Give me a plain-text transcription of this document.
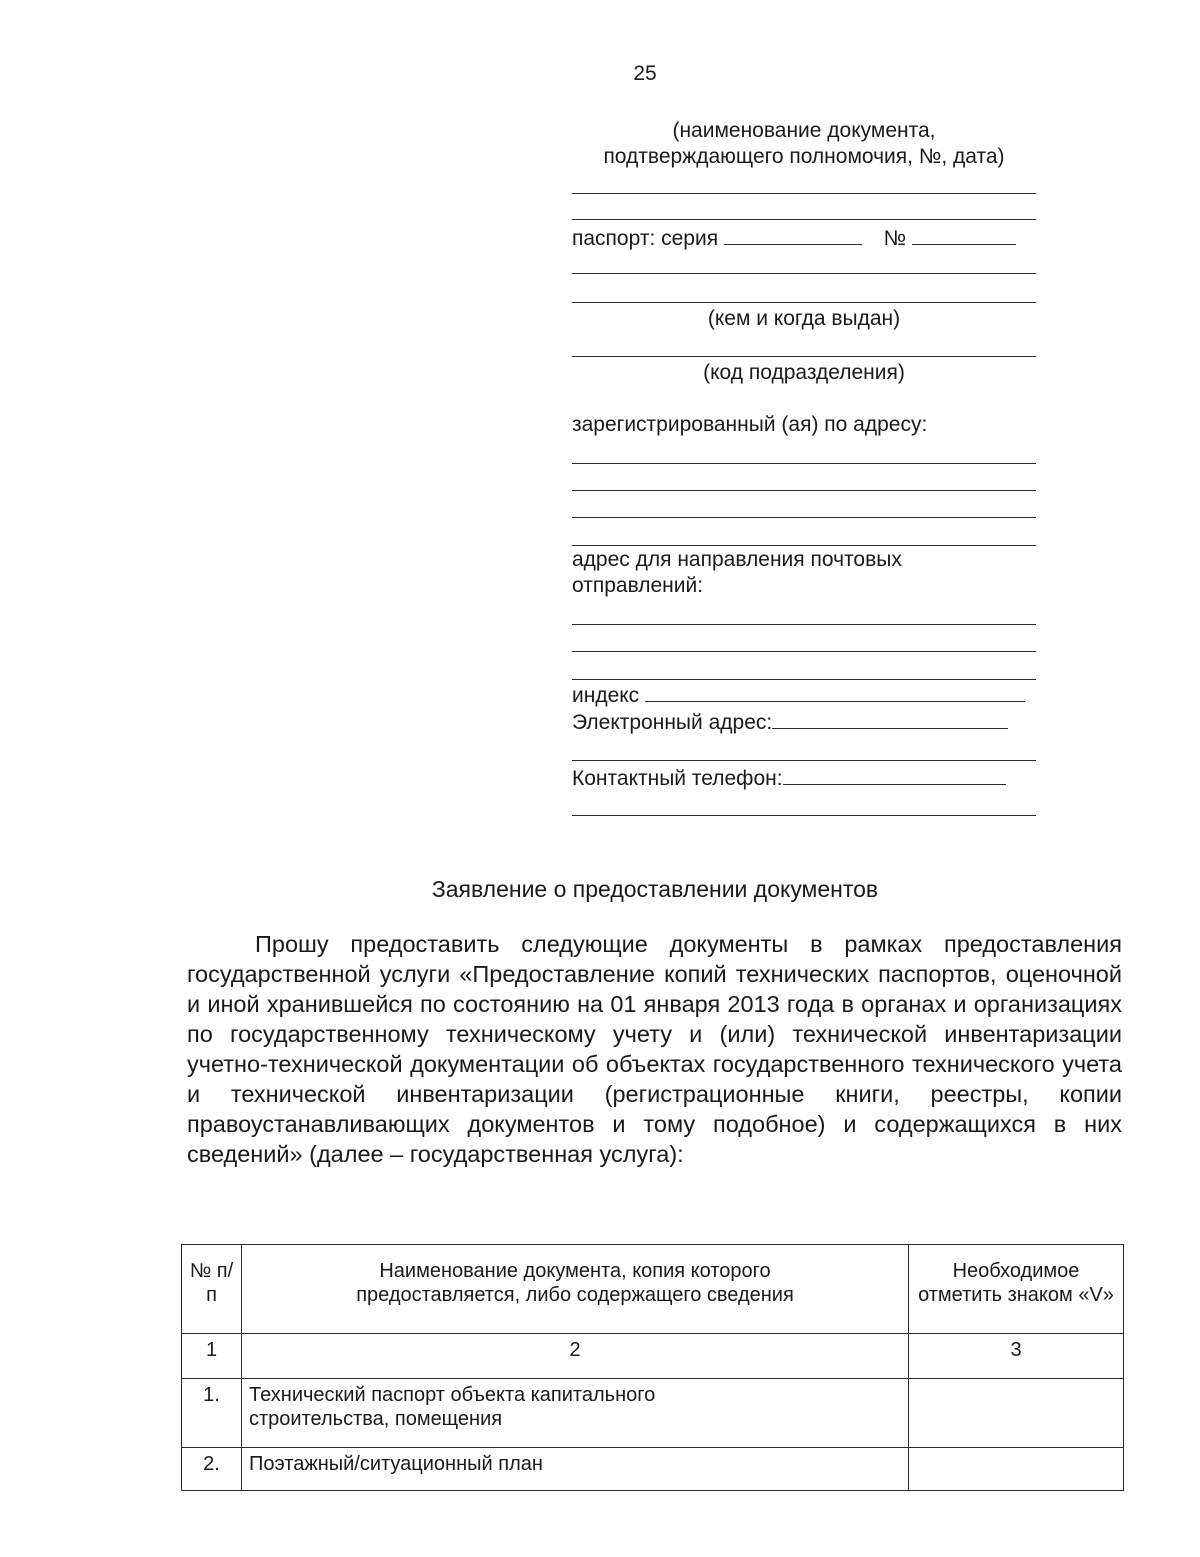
25
(наименование документа,
подтверждающего полномочия, №, дата)
паспорт: серия	№
(кем и когда выдан)
(код подразделения)
зарегистрированный (ая) по адресу:
адрес для направления почтовых
отправлений:
индекс
Электронный адрес:
Контактный телефон:
Заявление о предоставлении документов
Прошу предоставить следующие документы в рамках предоставления государственной услуги «Предоставление копий технических паспортов, оценочной и иной хранившейся по состоянию на 01 января 2013 года в органах и организациях по государственному техническому учету и (или) технической инвентаризации учетно-технической документации об объектах государственного технического учета и технической инвентаризации (регистрационные книги, реестры, копии правоустанавливающих документов и тому подобное) и содержащихся в них сведений» (далее – государственная услуга):
№ п/п	Наименование документа, копия которого предоставляется, либо содержащего сведения	Необходимое отметить знаком «V»
1	2	3
1.	Технический паспорт объекта капитального строительства, помещения	
2.	Поэтажный/ситуационный план	
